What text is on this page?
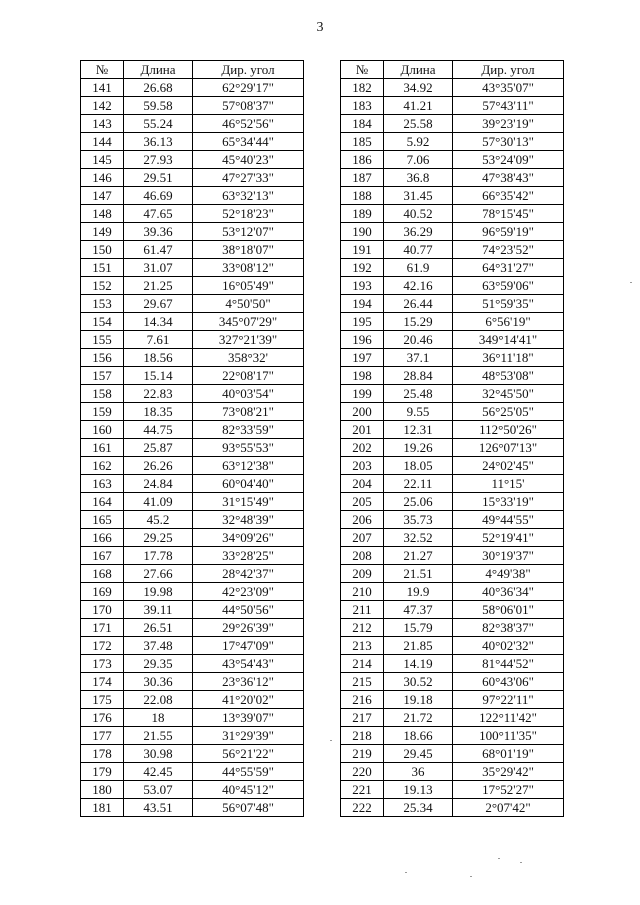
3
№	Длина	Дир. угол
141	26.68	62°29'17"
142	59.58	57°08'37"
143	55.24	46°52'56"
144	36.13	65°34'44"
145	27.93	45°40'23"
146	29.51	47°27'33"
147	46.69	63°32'13"
148	47.65	52°18'23"
149	39.36	53°12'07"
150	61.47	38°18'07"
151	31.07	33°08'12"
152	21.25	16°05'49"
153	29.67	4°50'50"
154	14.34	345°07'29"
155	7.61	327°21'39"
156	18.56	358°32'
157	15.14	22°08'17"
158	22.83	40°03'54"
159	18.35	73°08'21"
160	44.75	82°33'59"
161	25.87	93°55'53"
162	26.26	63°12'38"
163	24.84	60°04'40"
164	41.09	31°15'49"
165	45.2	32°48'39"
166	29.25	34°09'26"
167	17.78	33°28'25"
168	27.66	28°42'37"
169	19.98	42°23'09"
170	39.11	44°50'56"
171	26.51	29°26'39"
172	37.48	17°47'09"
173	29.35	43°54'43"
174	30.36	23°36'12"
175	22.08	41°20'02"
176	18	13°39'07"
177	21.55	31°29'39"
178	30.98	56°21'22"
179	42.45	44°55'59"
180	53.07	40°45'12"
181	43.51	56°07'48"
№	Длина	Дир. угол
182	34.92	43°35'07"
183	41.21	57°43'11"
184	25.58	39°23'19"
185	5.92	57°30'13"
186	7.06	53°24'09"
187	36.8	47°38'43"
188	31.45	66°35'42"
189	40.52	78°15'45"
190	36.29	96°59'19"
191	40.77	74°23'52"
192	61.9	64°31'27"
193	42.16	63°59'06"
194	26.44	51°59'35"
195	15.29	6°56'19"
196	20.46	349°14'41"
197	37.1	36°11'18"
198	28.84	48°53'08"
199	25.48	32°45'50"
200	9.55	56°25'05"
201	12.31	112°50'26"
202	19.26	126°07'13"
203	18.05	24°02'45"
204	22.11	11°15'
205	25.06	15°33'19"
206	35.73	49°44'55"
207	32.52	52°19'41"
208	21.27	30°19'37"
209	21.51	4°49'38"
210	19.9	40°36'34"
211	47.37	58°06'01"
212	15.79	82°38'37"
213	21.85	40°02'32"
214	14.19	81°44'52"
215	30.52	60°43'06"
216	19.18	97°22'11"
217	21.72	122°11'42"
218	18.66	100°11'35"
219	29.45	68°01'19"
220	36	35°29'42"
221	19.13	17°52'27"
222	25.34	2°07'42"
